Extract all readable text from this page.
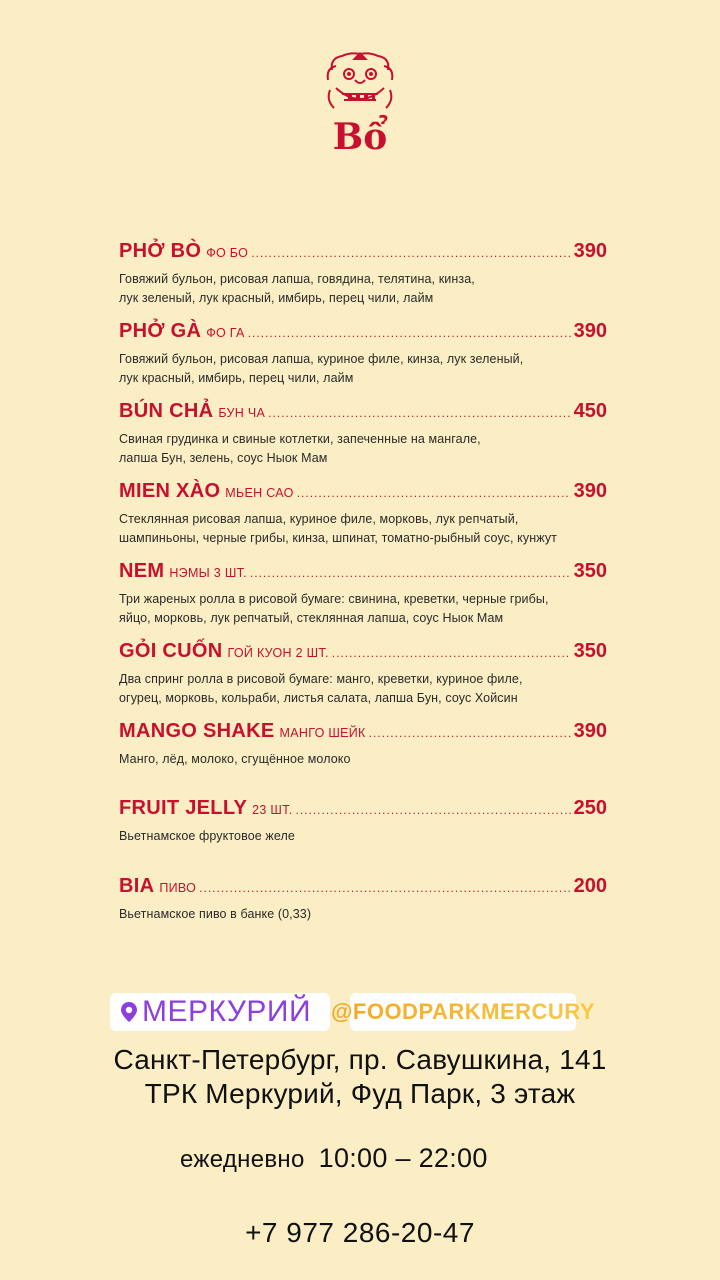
Bổ
PHỞ BÒ ФО БО .....	390
Говяжий бульон, рисовая лапша, говядина, телятина, кинза,
лук зеленый, лук красный, имбирь, перец чили, лайм
PHỞ GÀ ФО ГА .....	390
Говяжий бульон, рисовая лапша, куриное филе, кинза, лук зеленый,
лук красный, имбирь, перец чили, лайм
BÚN CHẢ БУН ЧА .....	450
Свиная грудинка и свиные котлетки, запеченные на мангале,
лапша Бун, зелень, соус Ныок Мам
MIEN XÀO МЬЕН САО .....	390
Стеклянная рисовая лапша, куриное филе, морковь, лук репчатый,
шампиньоны, черные грибы, кинза, шпинат, томатно-рыбный соус, кунжут
NEM НЭМЫ 3 ШТ. .....	350
Три жареных ролла в рисовой бумаге: свинина, креветки, черные грибы,
яйцо, морковь, лук репчатый, стеклянная лапша, соус Ныок Мам
GỎI CUỐN ГОЙ КУОН 2 ШТ. .....	350
Два спринг ролла в рисовой бумаге: манго, креветки, куриное филе,
огурец, морковь, кольраби, листья салата, лапша Бун, соус Хойсин
MANGO SHAKE МАНГО ШЕЙК .....	390
Манго, лёд, молоко, сгущённое молоко
FRUIT JELLY 23 ШТ. .....	250
Вьетнамское фруктовое желе
BIA ПИВО .....	200
Вьетнамское пиво в банке (0,33)
МЕРКУРИЙ @FOODPARKMERCURY
Санкт-Петербург, пр. Савушкина, 141
ТРК Меркурий, Фуд Парк, 3 этаж
ежедневно 10:00 – 22:00
+7 977 286-20-47
